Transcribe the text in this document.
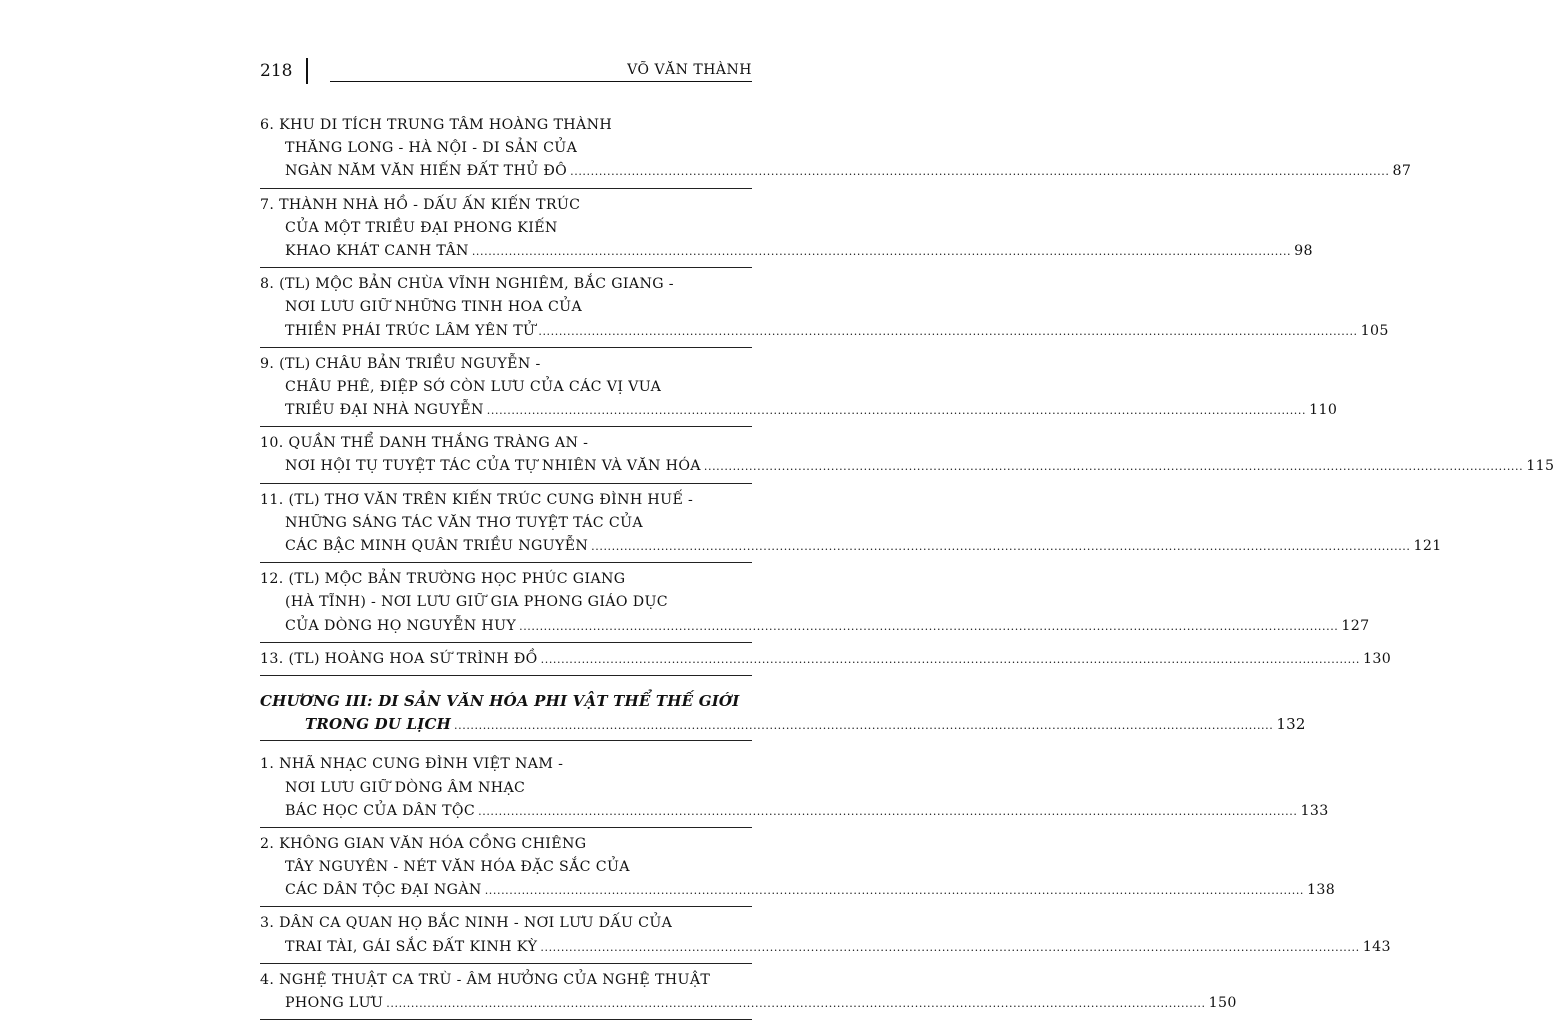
218	VÕ VĂN THÀNH
6. KHU DI TÍCH TRUNG TÂM HOÀNG THÀNH
THĂNG LONG - HÀ NỘI - DI SẢN CỦA
NGÀN NĂM VĂN HIẾN ĐẤT THỦ ĐÔ ........................................................................................................................................................................................................ 87
7. THÀNH NHÀ HỒ - DẤU ẤN KIẾN TRÚC
CỦA MỘT TRIỀU ĐẠI PHONG KIẾN
KHAO KHÁT CANH TÂN ........................................................................................................................................................................................................ 98
8. (TL) MỘC BẢN CHÙA VĨNH NGHIÊM, BẮC GIANG -
NƠI LƯU GIỮ NHỮNG TINH HOA CỦA
THIỀN PHÁI TRÚC LÂM YÊN TỬ ........................................................................................................................................................................................................ 105
9. (TL) CHÂU BẢN TRIỀU NGUYỄN -
CHÂU PHÊ, ĐIỆP SỚ CÒN LƯU CỦA CÁC VỊ VUA
TRIỀU ĐẠI NHÀ NGUYỄN ........................................................................................................................................................................................................ 110
10. QUẦN THỂ DANH THẮNG TRÀNG AN -
NƠI HỘI TỤ TUYỆT TÁC CỦA TỰ NHIÊN VÀ VĂN HÓA ........................................................................................................................................................................................................ 115
11. (TL) THƠ VĂN TRÊN KIẾN TRÚC CUNG ĐÌNH HUẾ -
NHỮNG SÁNG TÁC VĂN THƠ TUYỆT TÁC CỦA
CÁC BẬC MINH QUÂN TRIỀU NGUYỄN ........................................................................................................................................................................................................ 121
12. (TL) MỘC BẢN TRƯỜNG HỌC PHÚC GIANG
(HÀ TĨNH) - NƠI LƯU GIỮ GIA PHONG GIÁO DỤC
CỦA DÒNG HỌ NGUYỄN HUY ........................................................................................................................................................................................................ 127
13. (TL) HOÀNG HOA SỨ TRÌNH ĐỒ ........................................................................................................................................................................................................ 130
CHƯƠNG III: DI SẢN VĂN HÓA PHI VẬT THỂ THẾ GIỚI
TRONG DU LỊCH ........................................................................................................................................................................................................ 132
1. NHÃ NHẠC CUNG ĐÌNH VIỆT NAM -
NƠI LƯU GIỮ DÒNG ÂM NHẠC
BÁC HỌC CỦA DÂN TỘC ........................................................................................................................................................................................................ 133
2. KHÔNG GIAN VĂN HÓA CỒNG CHIÊNG
TÂY NGUYÊN - NÉT VĂN HÓA ĐẶC SẮC CỦA
CÁC DÂN TỘC ĐẠI NGÀN ........................................................................................................................................................................................................ 138
3. DÂN CA QUAN HỌ BẮC NINH - NƠI LƯU DẤU CỦA
TRAI TÀI, GÁI SẮC ĐẤT KINH KỲ ........................................................................................................................................................................................................ 143
4. NGHỆ THUẬT CA TRÙ - ÂM HƯỞNG CỦA NGHỆ THUẬT
PHONG LƯU ........................................................................................................................................................................................................ 150
